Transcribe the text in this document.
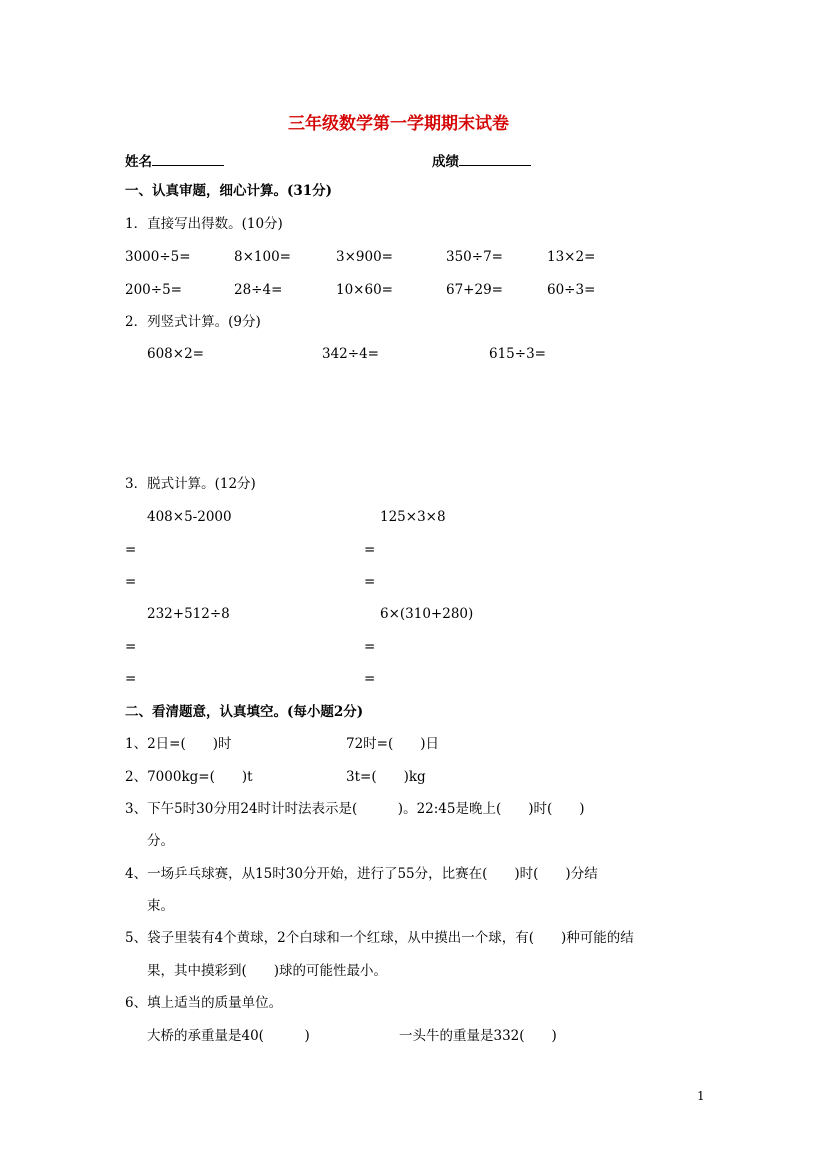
三年级数学第一学期期末试卷
姓名	成绩
一、认真审题，细心计算。(31分)
1．直接写出得数。(10分)
3000÷5=	8×100=	3×900=	350÷7=	13×2=
200÷5=	28÷4=	10×60=	67+29=	60÷3=
2．列竖式计算。(9分)
608×2=	342÷4=	615÷3=
3．脱式计算。(12分)
408×5-2000	125×3×8
=	=
=	=
232+512÷8	6×(310+280)
=	=
=	=
二、看清题意，认真填空。(每小题2分)
1、2日=(　　)时	72时=(　　)日
2、7000kg=(　　)t	3t=(　　)kg
3、下午5时30分用24时计时法表示是(　　　)。22:45是晚上(　　)时(　　)
分。
4、一场乒乓球赛，从15时30分开始，进行了55分，比赛在(　　)时(　　)分结
束。
5、袋子里装有4个黄球，2个白球和一个红球，从中摸出一个球，有(　　)种可能的结
果，其中摸彩到(　　)球的可能性最小。
6、填上适当的质量单位。
大桥的承重量是40(　　　)	一头牛的重量是332(　　)
1
